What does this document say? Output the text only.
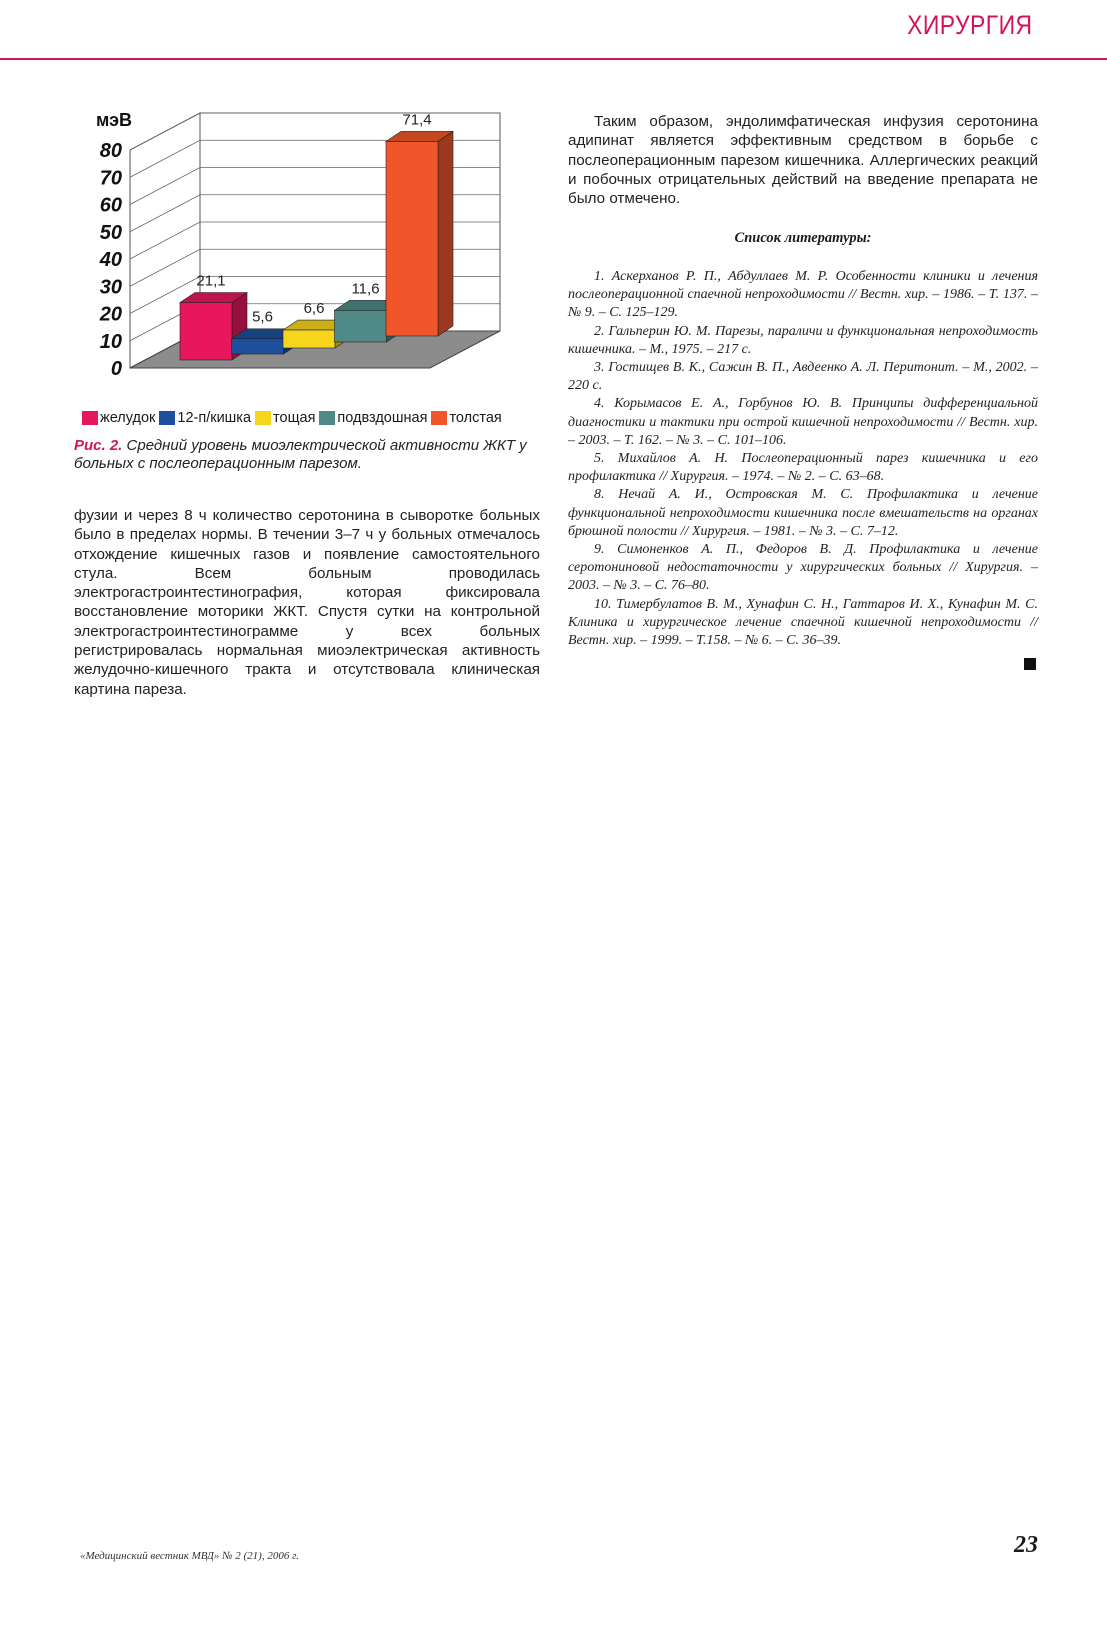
ХИРУРГИЯ
0
10
20
30
40
50
60
70
80
мэВ
21,1
5,6
6,6
11,6
71,4
желудок 12-п/кишка тощая подвздошная толстая
Рис. 2. Средний уровень миоэлектрической активности ЖКТ у больных с послеоперационным парезом.
фузии и через 8 ч количество серотонина в сыворотке больных было в пределах нормы. В течении 3–7 ч у больных отмечалось отхождение кишечных газов и появление самостоятельного стула. Всем больным проводилась электрогастроинтестинография, которая фиксировала восстановление моторики ЖКТ. Спустя сутки на контрольной электрогастроинтестинограмме у всех больных регистрировалась нормальная миоэлектрическая активность желудочно-кишечного тракта и отсутствовала клиническая картина пареза.
Таким образом, эндолимфатическая инфузия серотонина адипинат является эффективным средством в борьбе с послеоперационным парезом кишечника. Аллергических реакций и побочных отрицательных действий на введение препарата не было отмечено.
Список литературы:
1. Аскерханов Р. П., Абдуллаев М. Р. Особенности клиники и лечения послеоперационной спаечной непроходимости // Вестн. хир. – 1986. – Т. 137. – № 9. – С. 125–129.
2. Гальперин Ю. М. Парезы, параличи и функциональная непроходимость кишечника. – М., 1975. – 217 с.
3. Гостищев В. К., Сажин В. П., Авдеенко А. Л. Перитонит. – М., 2002. – 220 с.
4. Корымасов Е. А., Горбунов Ю. В. Принципы дифференциальной диагностики и тактики при острой кишечной непроходимости // Вестн. хир. – 2003. – Т. 162. – № 3. – С. 101–106.
5. Михайлов А. Н. Послеоперационный парез кишечника и его профилактика // Хирургия. – 1974. – № 2. – С. 63–68.
8. Нечай А. И., Островская М. С. Профилактика и лечение функциональной непроходимости кишечника после вмешательств на органах брюшной полости // Хирургия. – 1981. – № 3. – С. 7–12.
9. Симоненков А. П., Федоров В. Д. Профилактика и лечение серотониновой недостаточности у хирургических больных // Хирургия. – 2003. – № 3. – С. 76–80.
10. Тимербулатов В. М., Хунафин С. Н., Гаттаров И. Х., Кунафин М. С. Клиника и хирургическое лечение спаечной кишечной непроходимости // Вестн. хир. – 1999. – Т.158. – № 6. – С. 36–39.
«Медицинский вестник МВД» № 2 (21), 2006 г.	23
